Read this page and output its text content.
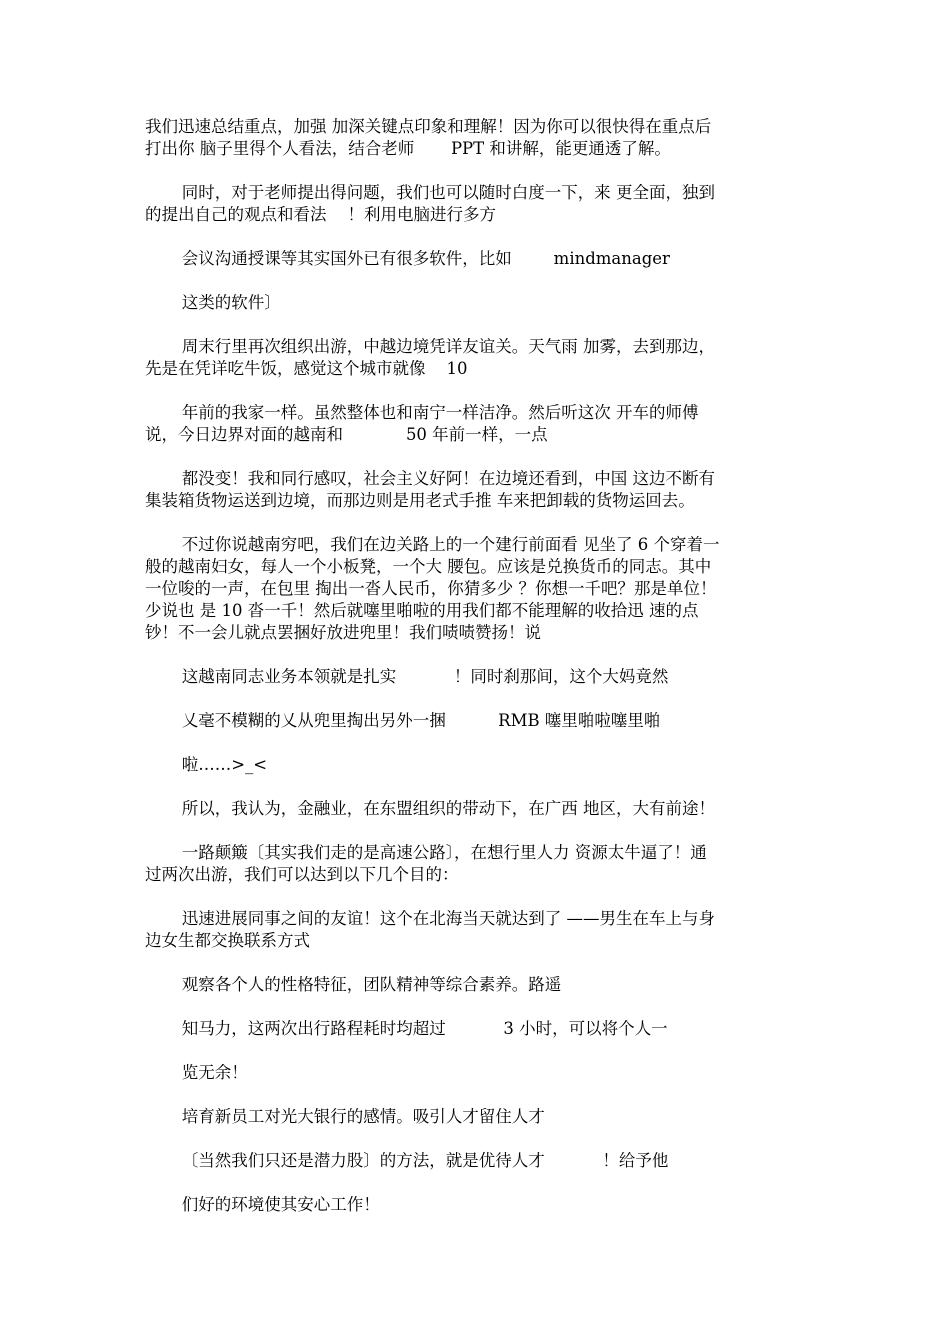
我们迅速总结重点，加强 加深关键点印象和理解！因为你可以很快得在重点后
打出你 脑子里得个人看法，结合老师       PPT 和讲解，能更通透了解。
同时，对于老师提出得问题，我们也可以随时白度一下，来 更全面，独到
的提出自己的观点和看法    ！利用电脑进行多方
会议沟通授课等其实国外已有很多软件，比如        mindmanager
这类的软件〕
周末行里再次组织出游，中越边境凭详友谊关。天气雨 加雾，去到那边，
先是在凭详吃牛饭，感觉这个城市就像    10
年前的我家一样。虽然整体也和南宁一样洁净。然后听这次 开车的师傅
说，今日边界对面的越南和            50 年前一样，一点
都没变！我和同行感叹，社会主义好阿！在边境还看到，中国 这边不断有
集装箱货物运送到边境，而那边则是用老式手推 车来把卸载的货物运回去。
不过你说越南穷吧，我们在边关路上的一个建行前面看 见坐了 6 个穿着一
般的越南妇女，每人一个小板凳，一个大 腰包。应该是兑换货币的同志。其中
一位唆的一声，在包里 掏出一沓人民币，你猜多少 ？你想一千吧？那是单位！
少说也 是 10 沓一千！然后就噻里啪啦的用我们都不能理解的收拾迅 速的点
钞！不一会儿就点罢捆好放进兜里！我们啧啧赞扬！说
这越南同志业务本领就是扎实           ！同时刹那间，这个大妈竟然
乂毫不模糊的乂从兜里掏出另外一捆          RMB 噻里啪啦噻里啪
啦……>_<
所以，我认为，金融业，在东盟组织的带动下，在广西 地区，大有前途！
一路颠簸〔其实我们走的是高速公路〕，在想行里人力 资源太牛逼了！通
过两次出游，我们可以达到以下几个目的：
迅速进展同事之间的友谊！这个在北海当天就达到了 ——男生在车上与身
边女生都交换联系方式
观察各个人的性格特征，团队精神等综合素养。路遥
知马力，这两次出行路程耗时均超过           3 小时，可以将个人一
览无余！
培育新员工对光大银行的感情。吸引人才留住人才
〔当然我们只还是潜力股〕的方法，就是优待人才           ！给予他
们好的环境使其安心工作！
